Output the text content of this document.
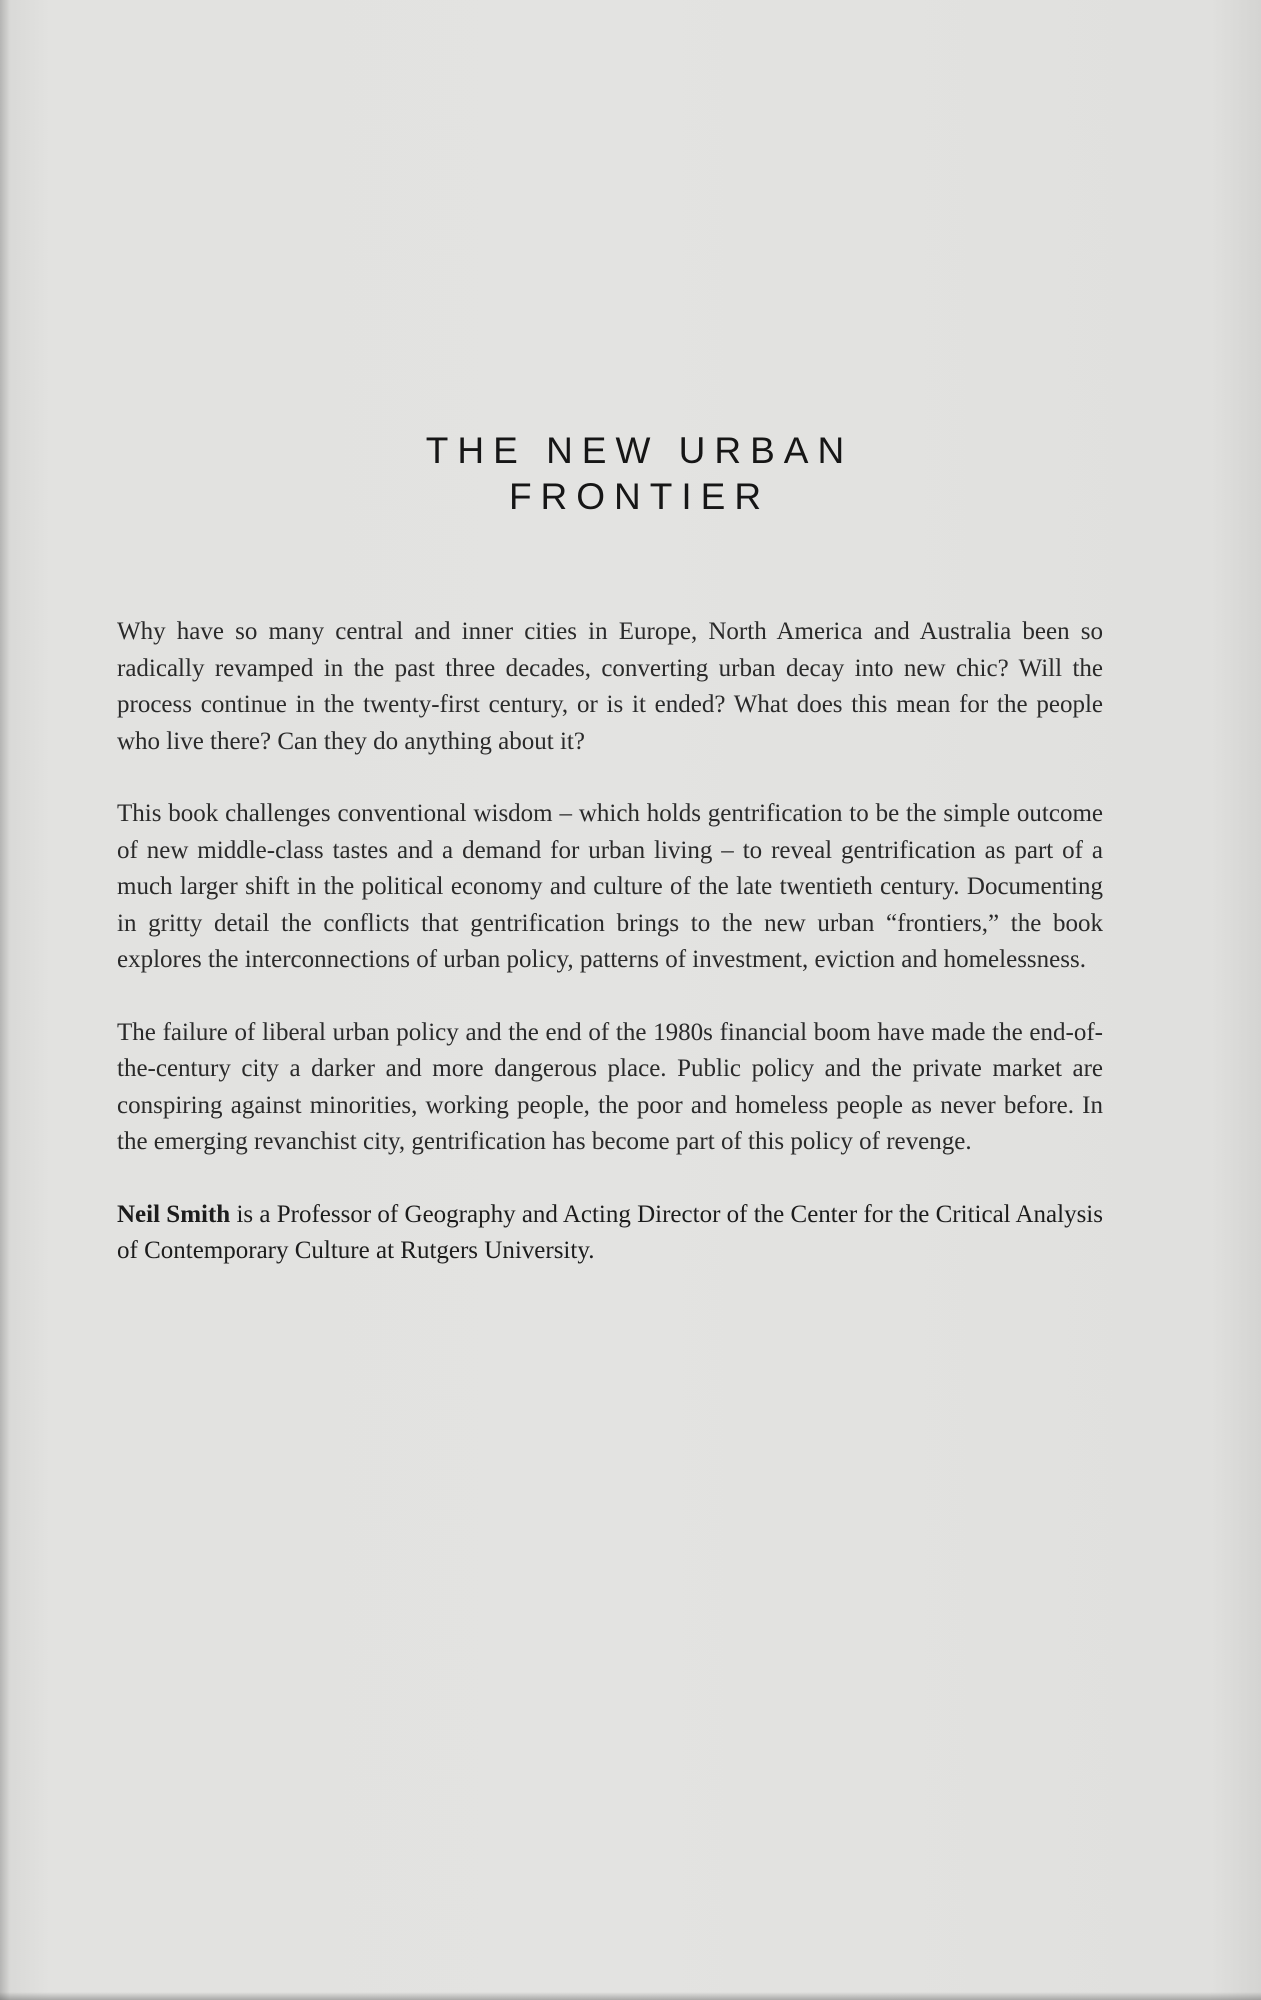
THE NEW URBAN
FRONTIER

Why have so many central and inner cities in Europe, North America and Australia been so radically revamped in the past three decades, converting urban decay into new chic? Will the process continue in the twenty-first century, or is it ended? What does this mean for the people who live there? Can they do anything about it?

This book challenges conventional wisdom – which holds gentrification to be the simple outcome of new middle-class tastes and a demand for urban living – to reveal gentrification as part of a much larger shift in the political economy and culture of the late twentieth century. Documenting in gritty detail the conflicts that gentrification brings to the new urban “frontiers,” the book explores the interconnections of urban policy, patterns of investment, eviction and homelessness.

The failure of liberal urban policy and the end of the 1980s financial boom have made the end-of-the-century city a darker and more dangerous place. Public policy and the private market are conspiring against minorities, working people, the poor and homeless people as never before. In the emerging revanchist city, gentrification has become part of this policy of revenge.

Neil Smith is a Professor of Geography and Acting Director of the Center for the Critical Analysis of Contemporary Culture at Rutgers University.
